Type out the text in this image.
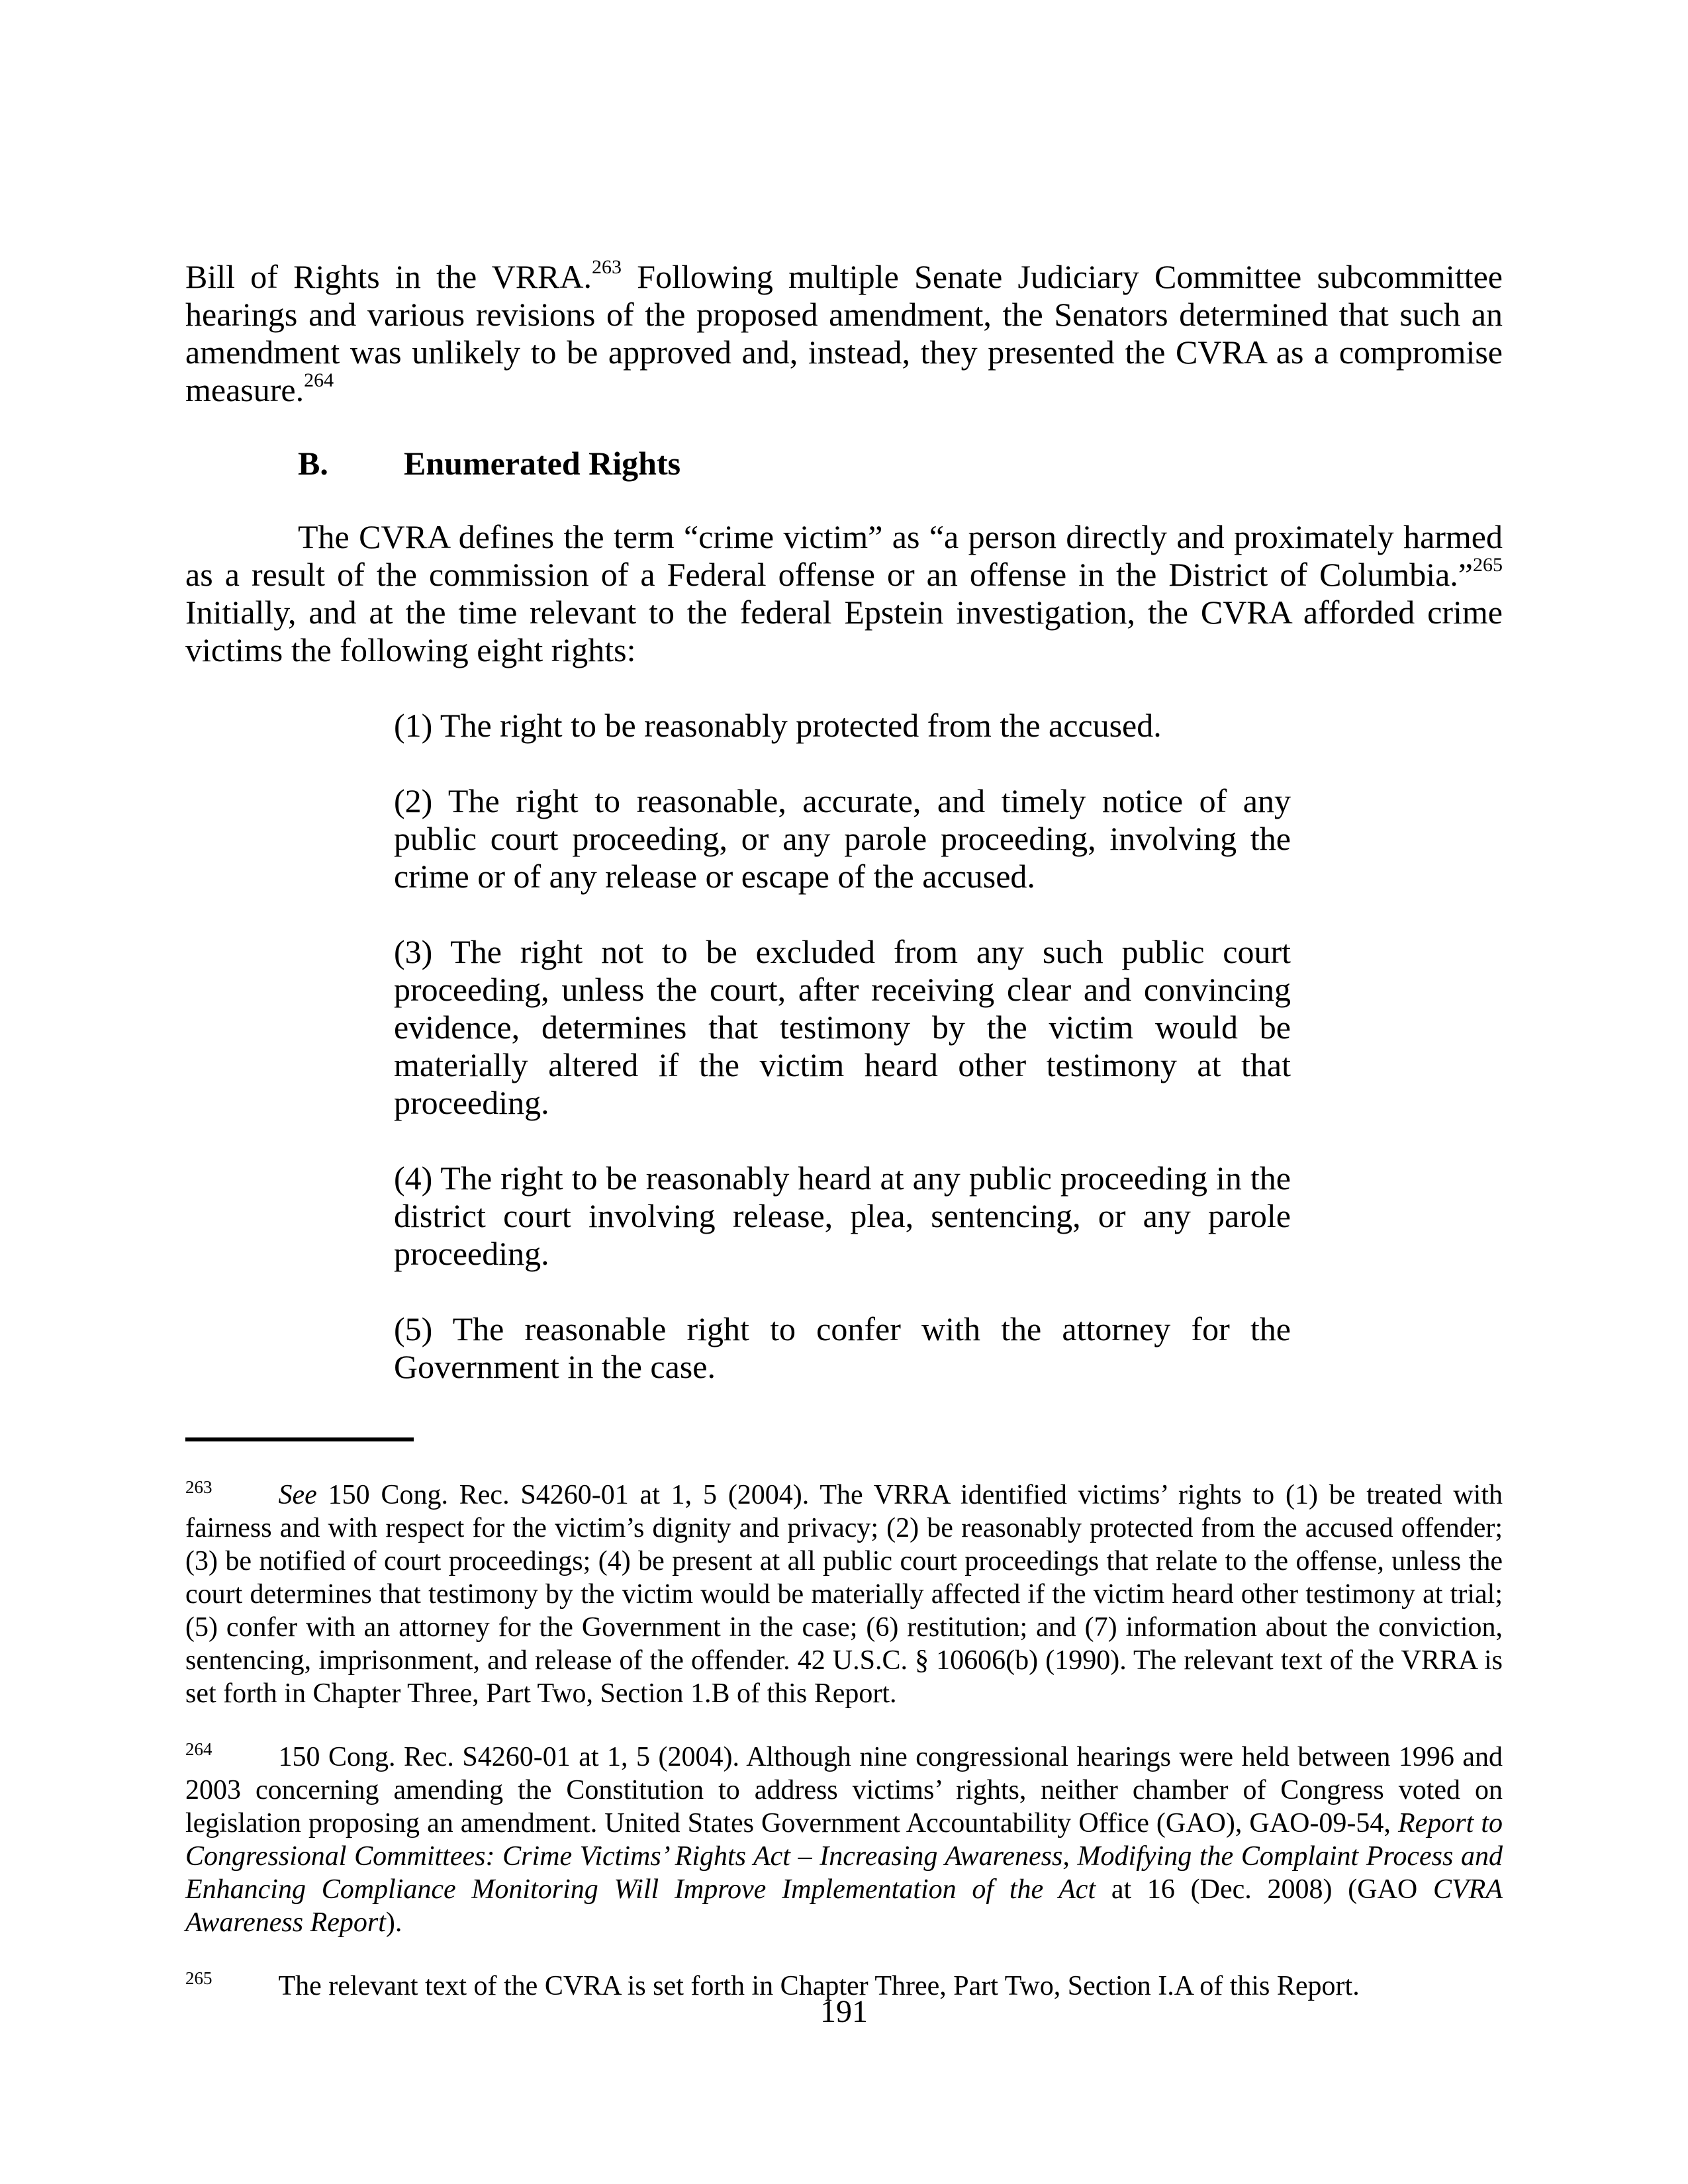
Bill of Rights in the VRRA.$^{263}$ Following multiple Senate Judiciary Committee subcommittee hearings and various revisions of the proposed amendment, the Senators determined that such an amendment was unlikely to be approved and, instead, they presented the CVRA as a compromise measure.$^{264}$

B. Enumerated Rights

The CVRA defines the term “crime victim” as “a person directly and proximately harmed as a result of the commission of a Federal offense or an offense in the District of Columbia.”$^{265}$ Initially, and at the time relevant to the federal Epstein investigation, the CVRA afforded crime victims the following eight rights:

(1) The right to be reasonably protected from the accused.

(2) The right to reasonable, accurate, and timely notice of any public court proceeding, or any parole proceeding, involving the crime or of any release or escape of the accused.

(3) The right not to be excluded from any such public court proceeding, unless the court, after receiving clear and convincing evidence, determines that testimony by the victim would be materially altered if the victim heard other testimony at that proceeding.

(4) The right to be reasonably heard at any public proceeding in the district court involving release, plea, sentencing, or any parole proceeding.

(5) The reasonable right to confer with the attorney for the Government in the case.

$^{263}$ See 150 Cong. Rec. S4260-01 at 1, 5 (2004). The VRRA identified victims’ rights to (1) be treated with fairness and with respect for the victim’s dignity and privacy; (2) be reasonably protected from the accused offender; (3) be notified of court proceedings; (4) be present at all public court proceedings that relate to the offense, unless the court determines that testimony by the victim would be materially affected if the victim heard other testimony at trial; (5) confer with an attorney for the Government in the case; (6) restitution; and (7) information about the conviction, sentencing, imprisonment, and release of the offender. 42 U.S.C. § 10606(b) (1990). The relevant text of the VRRA is set forth in Chapter Three, Part Two, Section 1.B of this Report.
$^{264}$ 150 Cong. Rec. S4260-01 at 1, 5 (2004). Although nine congressional hearings were held between 1996 and 2003 concerning amending the Constitution to address victims’ rights, neither chamber of Congress voted on legislation proposing an amendment. United States Government Accountability Office (GAO), GAO-09-54, Report to Congressional Committees: Crime Victims’ Rights Act – Increasing Awareness, Modifying the Complaint Process and Enhancing Compliance Monitoring Will Improve Implementation of the Act at 16 (Dec. 2008) (GAO CVRA Awareness Report).
$^{265}$ The relevant text of the CVRA is set forth in Chapter Three, Part Two, Section I.A of this Report.
191
